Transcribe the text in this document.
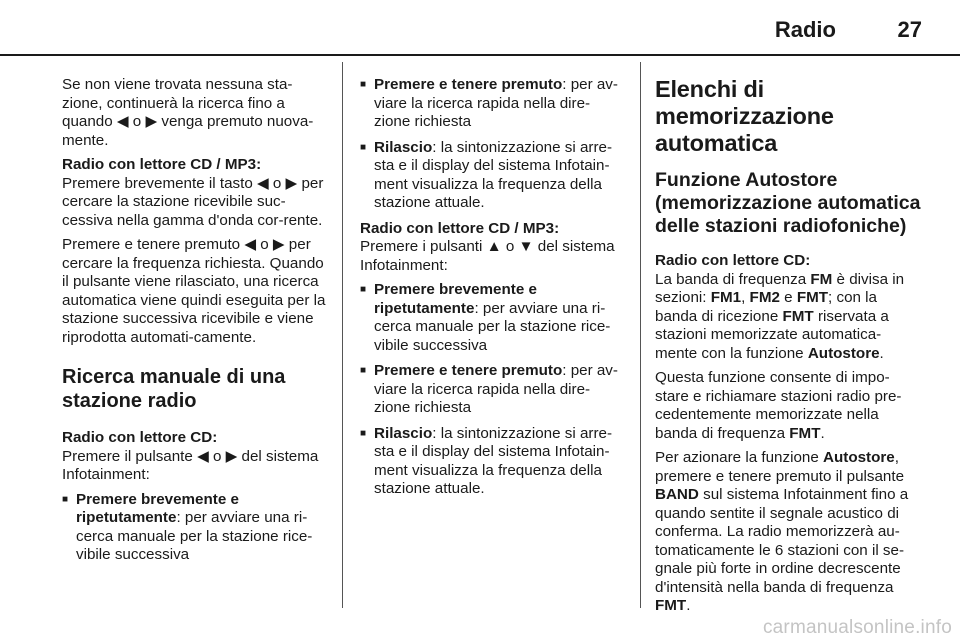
Radio	27

Se non viene trovata nessuna sta-zione, continuerà la ricerca fino a quando ◀ o ▶ venga premuto nuova-mente.

Radio con lettore CD / MP3:

Premere brevemente il tasto ◀ o ▶ per cercare la stazione ricevibile suc-cessiva nella gamma d'onda cor-rente.

Premere e tenere premuto ◀ o ▶ per cercare la frequenza richiesta. Quando il pulsante viene rilasciato, una ricerca automatica viene quindi eseguita per la stazione successiva ricevibile e viene riprodotta automati-camente.

Ricerca manuale di una stazione radio

Radio con lettore CD:

Premere il pulsante ◀ o ▶ del sistema Infotainment:

■ Premere brevemente e ripetutamente: per avviare una ri-cerca manuale per la stazione rice-vibile successiva
■ Premere e tenere premuto: per av-viare la ricerca rapida nella dire-zione richiesta
■ Rilascio: la sintonizzazione si arre-sta e il display del sistema Infotain-ment visualizza la frequenza della stazione attuale.

Radio con lettore CD / MP3:

Premere i pulsanti ▲ o ▼ del sistema Infotainment:

■ Premere brevemente e ripetutamente: per avviare una ri-cerca manuale per la stazione rice-vibile successiva
■ Premere e tenere premuto: per av-viare la ricerca rapida nella dire-zione richiesta
■ Rilascio: la sintonizzazione si arre-sta e il display del sistema Infotain-ment visualizza la frequenza della stazione attuale.

Elenchi di memorizzazione automatica

Funzione Autostore (memorizzazione automatica delle stazioni radiofoniche)

Radio con lettore CD:

La banda di frequenza FM è divisa in sezioni: FM1, FM2 e FMT; con la banda di ricezione FMT riservata a stazioni memorizzate automatica-mente con la funzione Autostore.

Questa funzione consente di impo-stare e richiamare stazioni radio pre-cedentemente memorizzate nella banda di frequenza FMT.

Per azionare la funzione Autostore, premere e tenere premuto il pulsante BAND sul sistema Infotainment fino a quando sentite il segnale acustico di conferma. La radio memorizzerà au-tomaticamente le 6 stazioni con il se-gnale più forte in ordine decrescente d'intensità nella banda di frequenza FMT.

carmanualsonline.info
